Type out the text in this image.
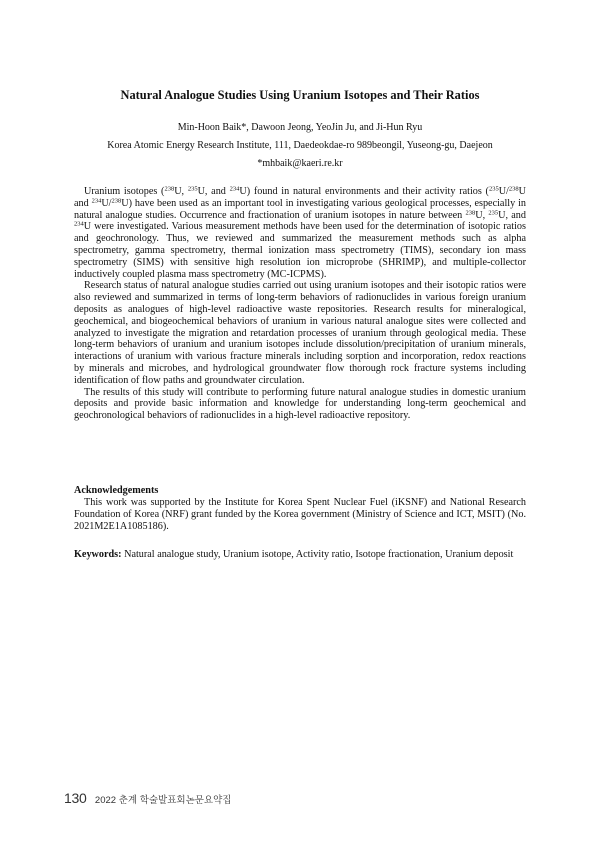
Natural Analogue Studies Using Uranium Isotopes and Their Ratios
Min-Hoon Baik*, Dawoon Jeong, YeoJin Ju, and Ji-Hun Ryu
Korea Atomic Energy Research Institute, 111, Daedeokdae-ro 989beongil, Yuseong-gu, Daejeon
*mhbaik@kaeri.re.kr

Uranium isotopes ($^{238}$U, $^{235}$U, and $^{234}$U) found in natural environments and their activity ratios ($^{235}$U/$^{238}$U and $^{234}$U/$^{238}$U) have been used as an important tool in investigating various geological processes, especially in natural analogue studies. Occurrence and fractionation of uranium isotopes in nature between $^{238}$U, $^{235}$U, and $^{234}$U were investigated. Various measurement methods have been used for the determination of isotopic ratios and geochronology. Thus, we reviewed and summarized the measurement methods such as alpha spectrometry, gamma spectrometry, thermal ionization mass spectrometry (TIMS), secondary ion mass spectrometry (SIMS) with sensitive high resolution ion microprobe (SHRIMP), and multiple-collector inductively coupled plasma mass spectrometry (MC-ICPMS).

Research status of natural analogue studies carried out using uranium isotopes and their isotopic ratios were also reviewed and summarized in terms of long-term behaviors of radionuclides in various foreign uranium deposits as analogues of high-level radioactive waste repositories. Research results for mineralogical, geochemical, and biogeochemical behaviors of uranium in various natural analogue sites were collected and analyzed to investigate the migration and retardation processes of uranium through geological media. These long-term behaviors of uranium and uranium isotopes include dissolution/precipitation of uranium minerals, interactions of uranium with various fracture minerals including sorption and incorporation, redox reactions by minerals and microbes, and hydrological groundwater flow thorough rock fracture systems including identification of flow paths and groundwater circulation.

The results of this study will contribute to performing future natural analogue studies in domestic uranium deposits and provide basic information and knowledge for understanding long-term geochemical and geochronological behaviors of radionuclides in a high-level radioactive repository.

Acknowledgements

This work was supported by the Institute for Korea Spent Nuclear Fuel (iKSNF) and National Research Foundation of Korea (NRF) grant funded by the Korea government (Ministry of Science and ICT, MSIT) (No. 2021M2E1A1085186).

Keywords: Natural analogue study, Uranium isotope, Activity ratio, Isotope fractionation, Uranium deposit
130 2022 춘계 학술발표회논문요약집
